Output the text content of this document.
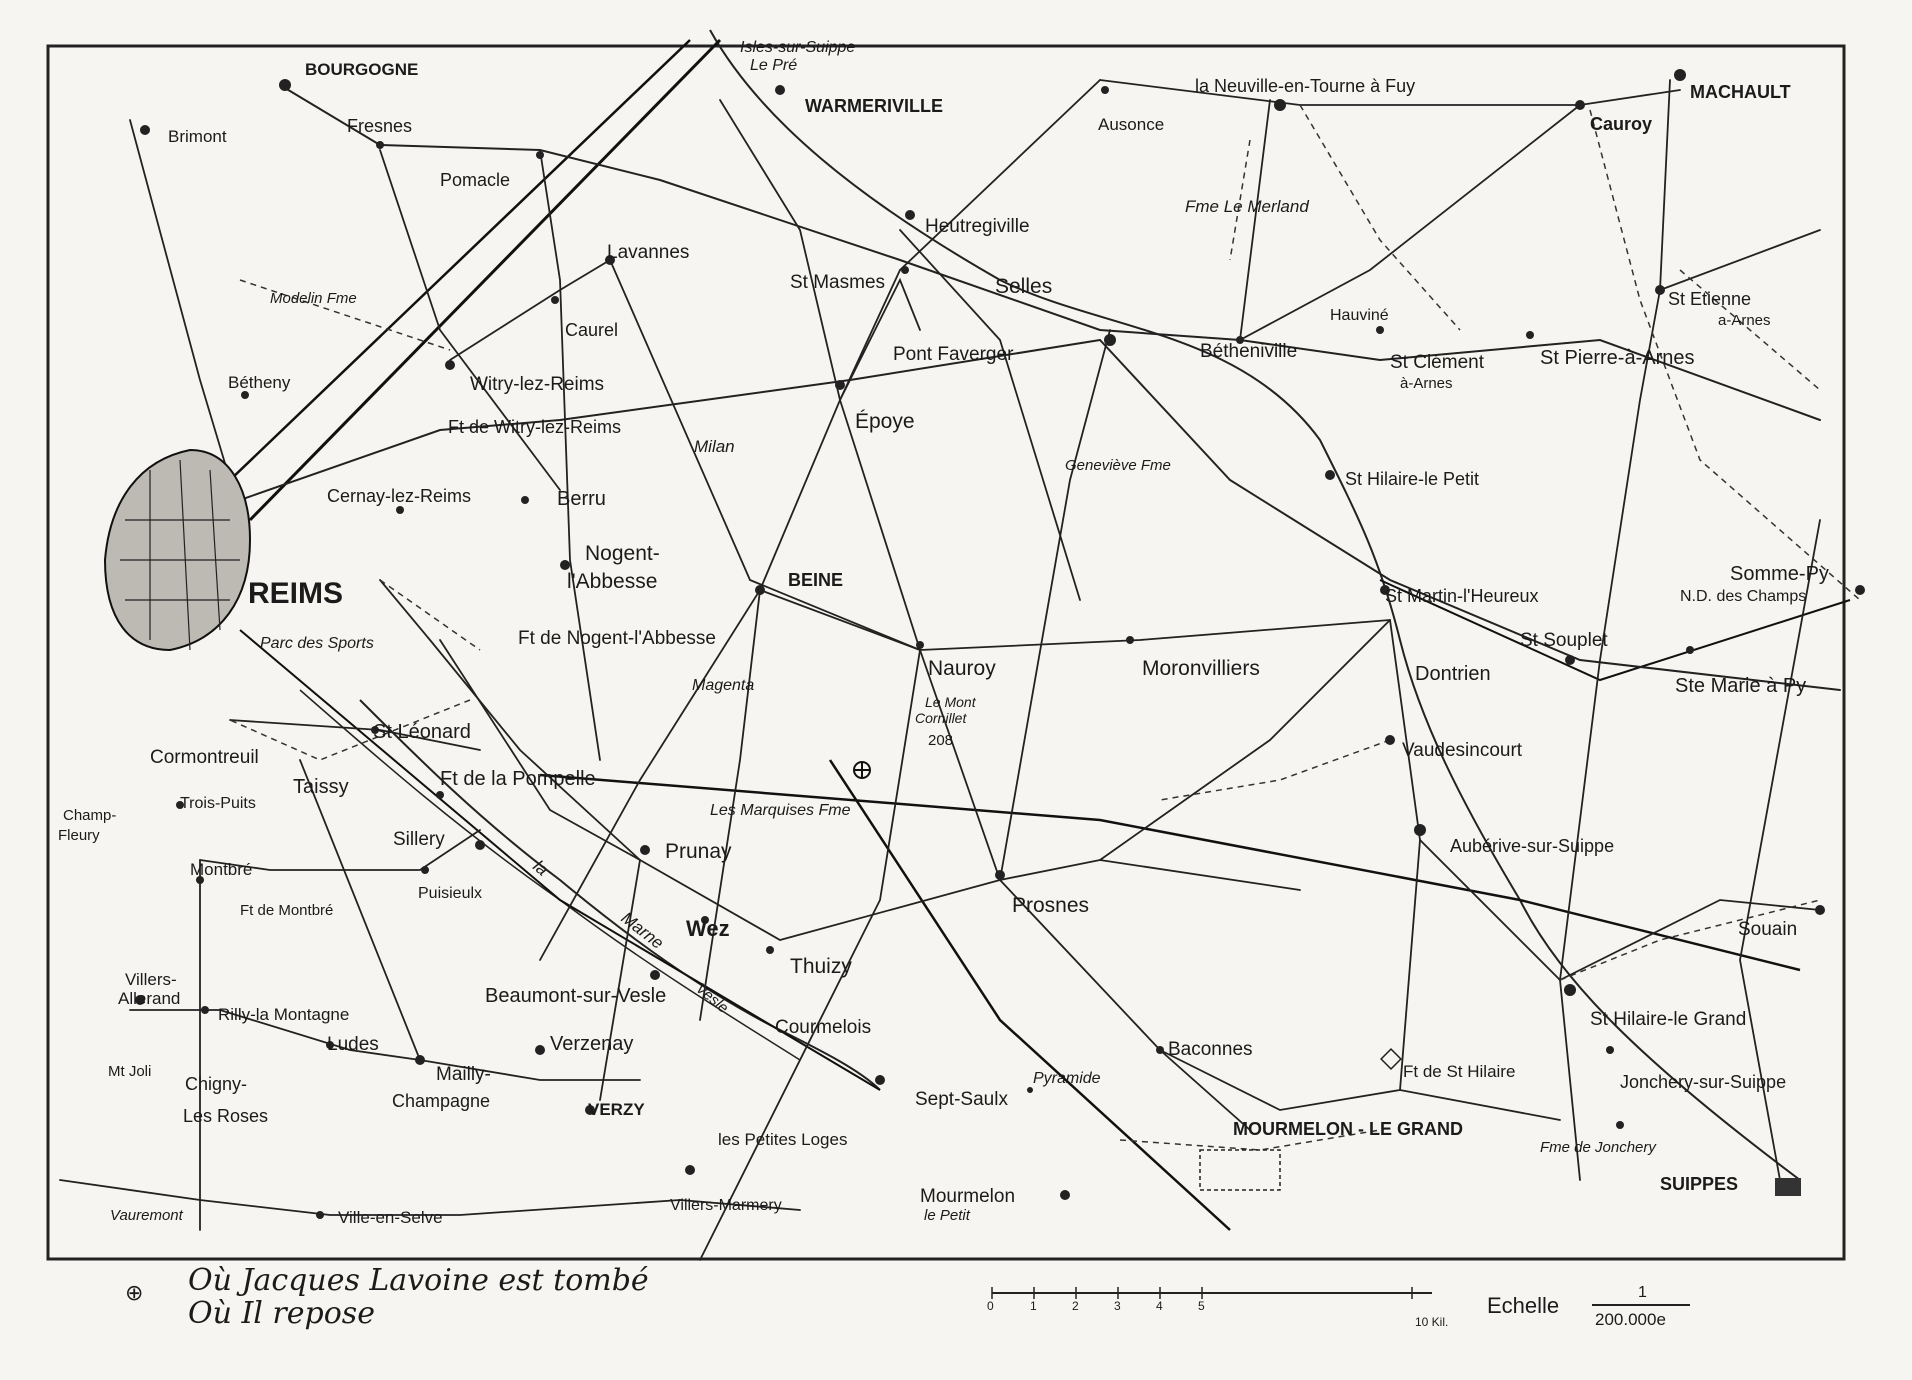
BOURGOGNE
Brimont
Fresnes
Pomacle
Isles-sur-Suippe
Le Pré
WARMERIVILLE
Ausonce
la Neuville-en-Tourne à Fuy	MACHAULT
Cauroy
Fme Le Merland
Heutregiville
Lavannes
St Masmes	Selles
Modelin Fme
Caurel
Hauviné
St Etienne
a-Arnes
Pont Faverger	Bétheniville
St Clément
à-Arnes
St Pierre-à-Arnes
Bétheny	Witry-lez-Reims
Ft de Witry-lez-Reims
Milan
Époye
Geneviève Fme
St Hilaire-le Petit
Cernay-lez-Reims	Berru
Nogent-
l'Abbesse
REIMS	BEINE
St Martin-l'Heureux
Somme-Py
N.D. des Champs
Ft de Nogent-l'Abbesse
Parc des Sports
Nauroy	Moronvilliers	Dontrien
St Souplet
Ste Marie à Py
Magenta
Le Mont
Cornillet
208
St Léonard
Cormontreuil
Taissy	Ft de la Pompelle
Vaudesincourt
Champ-
Fleury
Trois-Puits	Les Marquises Fme
Sillery
Prunay	Aubérive-sur-Suippe
Montbré
Ft de Montbré
Puisieulx
la
Marne
Prosnes
Souain
Wez
Thuizy
Villers-
Allerand	Beaumont-sur-Vesle Vesle
Rilly-la Montagne
Courmelois	St Hilaire-le Grand
Ludes	Verzenay	Baconnes
Mt Joli
Chigny-
Les Roses
Mailly-
Champagne
Ft de St Hilaire
Jonchery-sur-Suippe
Pyramide
VERZY	Sept-Saulx
MOURMELON - LE GRAND
Fme de Jonchery
les Petites Loges
Mourmelon
le Petit
SUIPPES
Vauremont	Ville-en-Selve
Villers-Marmery
⊕ Où Jacques Lavoine est tombé
Où Il repose	0	1	2	3	4	5
10 Kil.
Echelle
1
200.000e
